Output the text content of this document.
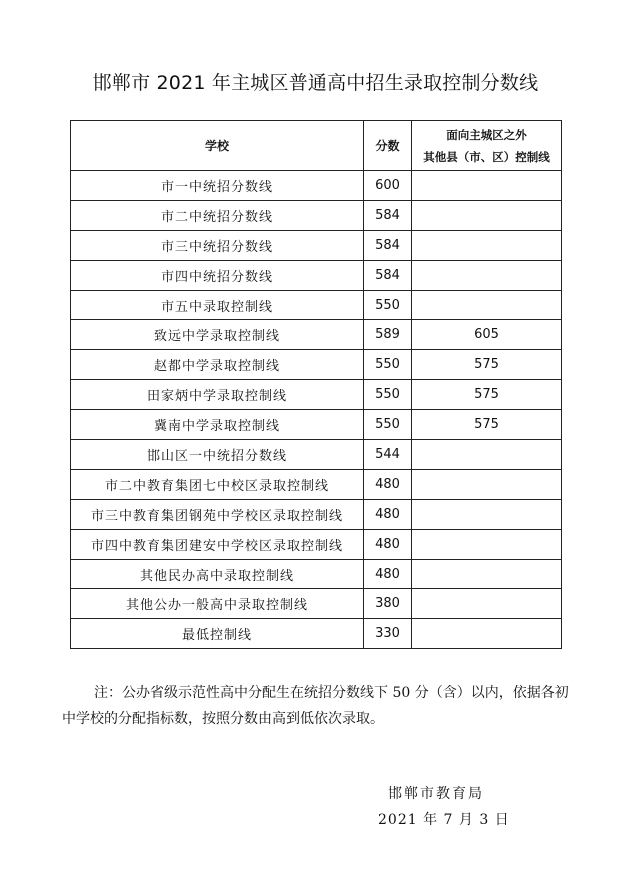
邯郸市 2021 年主城区普通高中招生录取控制分数线
学校	分数	面向主城区之外
其他县（市、区）控制线

市一中统招分数线	600	
市二中统招分数线	584	
市三中统招分数线	584	
市四中统招分数线	584	
市五中录取控制线	550	
致远中学录取控制线	589	605
赵都中学录取控制线	550	575
田家炳中学录取控制线	550	575
冀南中学录取控制线	550	575
邯山区一中统招分数线	544	
市二中教育集团七中校区录取控制线	480	
市三中教育集团钢苑中学校区录取控制线	480	
市四中教育集团建安中学校区录取控制线	480	
其他民办高中录取控制线	480	
其他公办一般高中录取控制线	380	
最低控制线	330	
注：公办省级示范性高中分配生在统招分数线下 50 分（含）以内，依据各初中学校的分配指标数，按照分数由高到低依次录取。
邯郸市教育局
2021 年 7 月 3 日
